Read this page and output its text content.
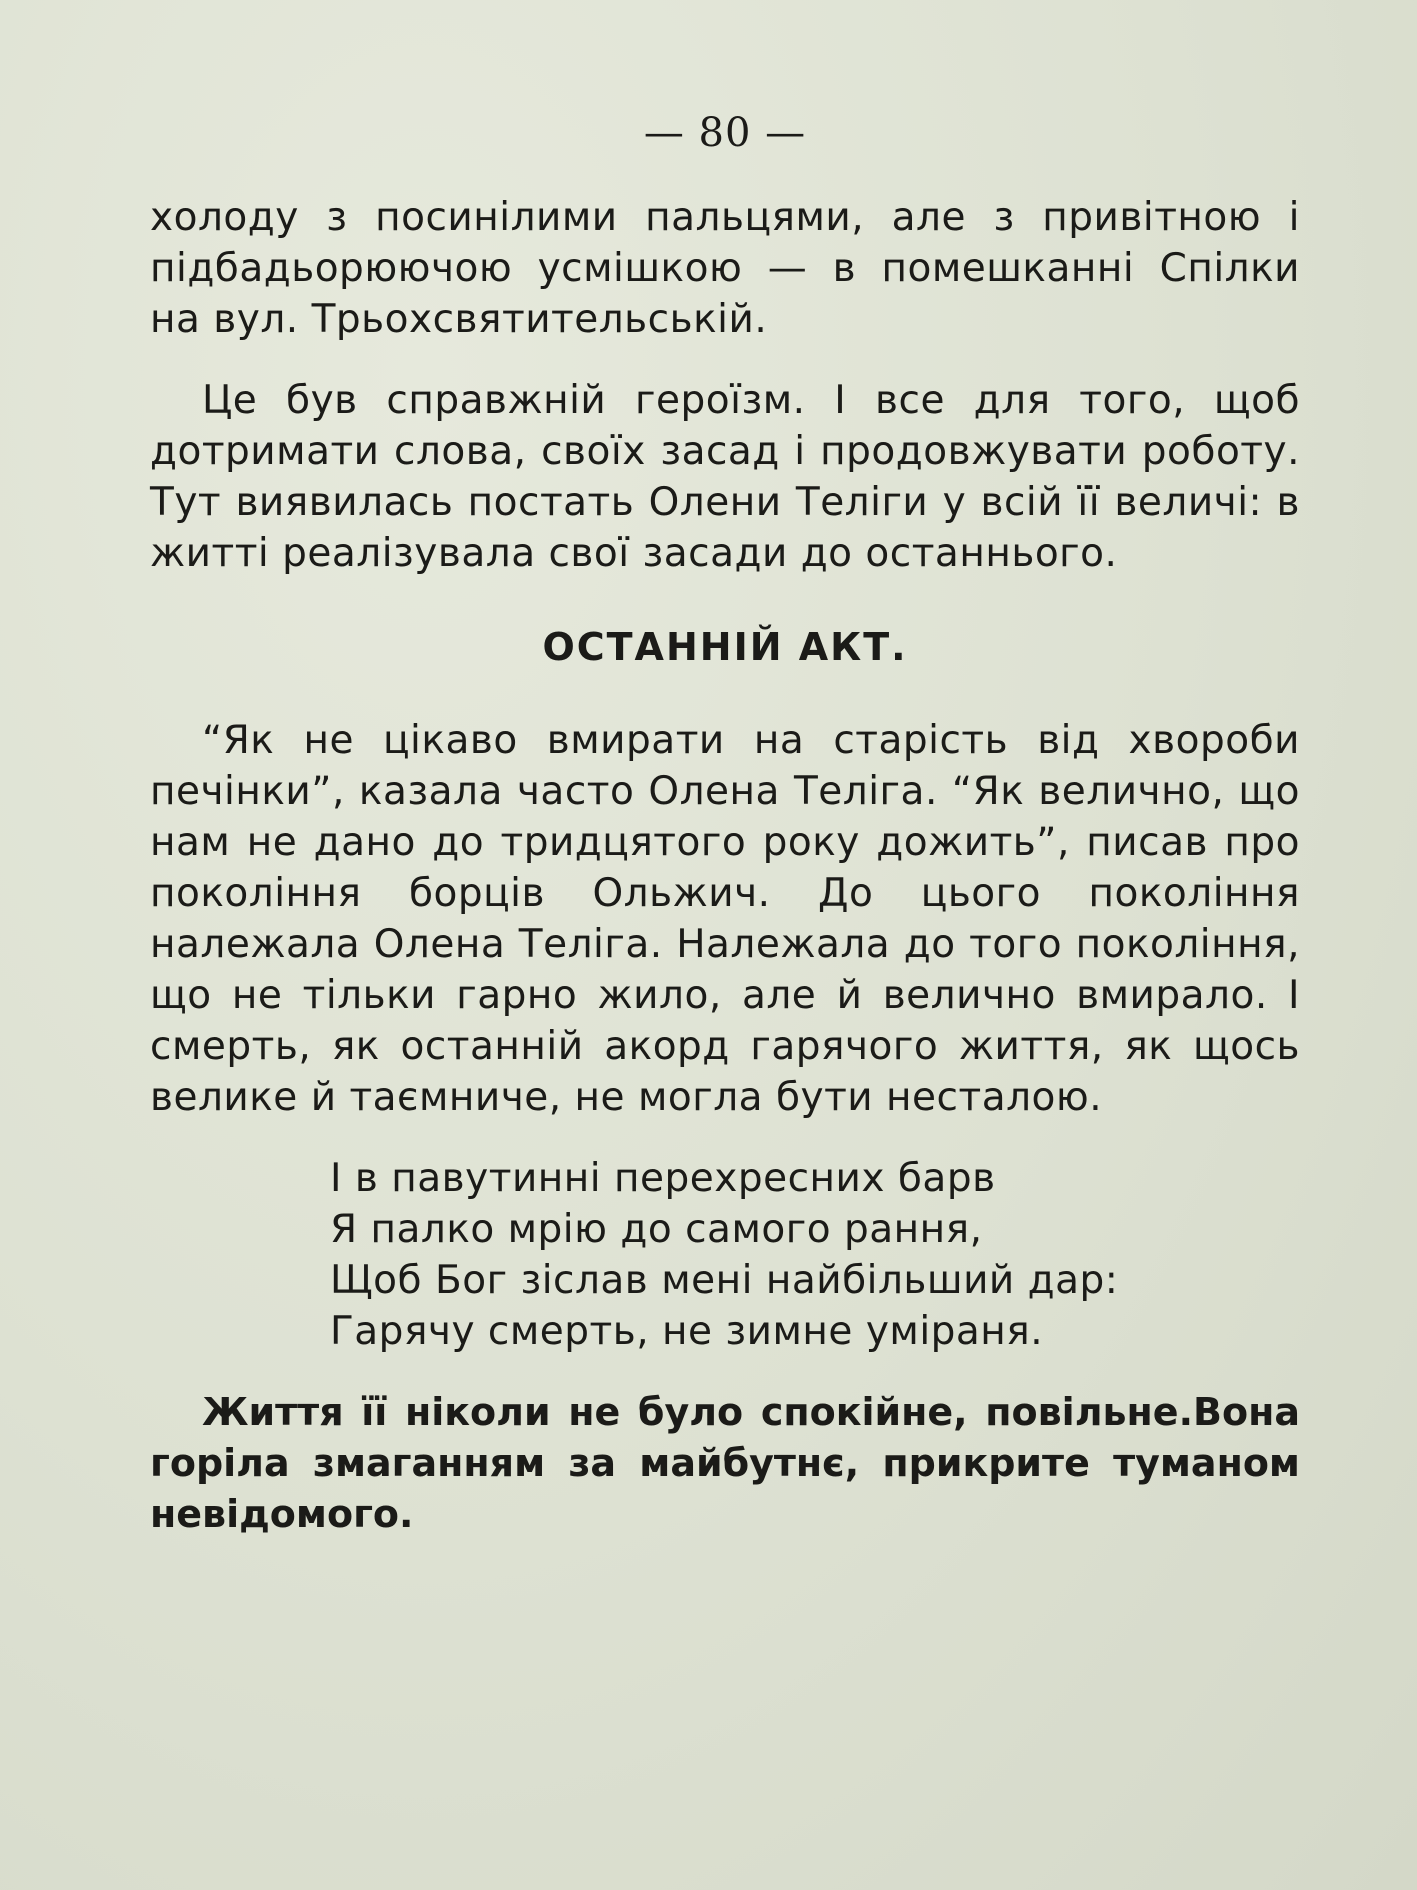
— 80 —

холоду з посинілими пальцями, але з привітною і підбадьорюючою усмішкою — в помешканні Спілки на вул. Трьохсвятительській.

Це був справжній героїзм. І все для того, щоб дотримати слова, своїх засад і продовжувати роботу. Тут виявилась постать Олени Теліги у всій її величі: в житті реалізувала свої засади до останнього.

ОСТАННІЙ АКТ.

“Як не цікаво вмирати на старість від хвороби печінки”, казала часто Олена Теліга. “Як велично, що нам не дано до тридцятого року дожить”, писав про покоління борців Ольжич. До цього покоління належала Олена Теліга. Належала до того покоління, що не тільки гарно жило, але й велично вмирало. І смерть, як останній акорд гарячого життя, як щось велике й таємниче, не могла бути несталою.

І в павутинні перехресних барв
Я палко мрію до самого рання,
Щоб Бог зіслав мені найбільший дар:
Гарячу смерть, не зимне уміраня.

Життя її ніколи не було спокійне, повільне.Вона горіла змаганням за майбутнє, прикрите туманом невідомого.
